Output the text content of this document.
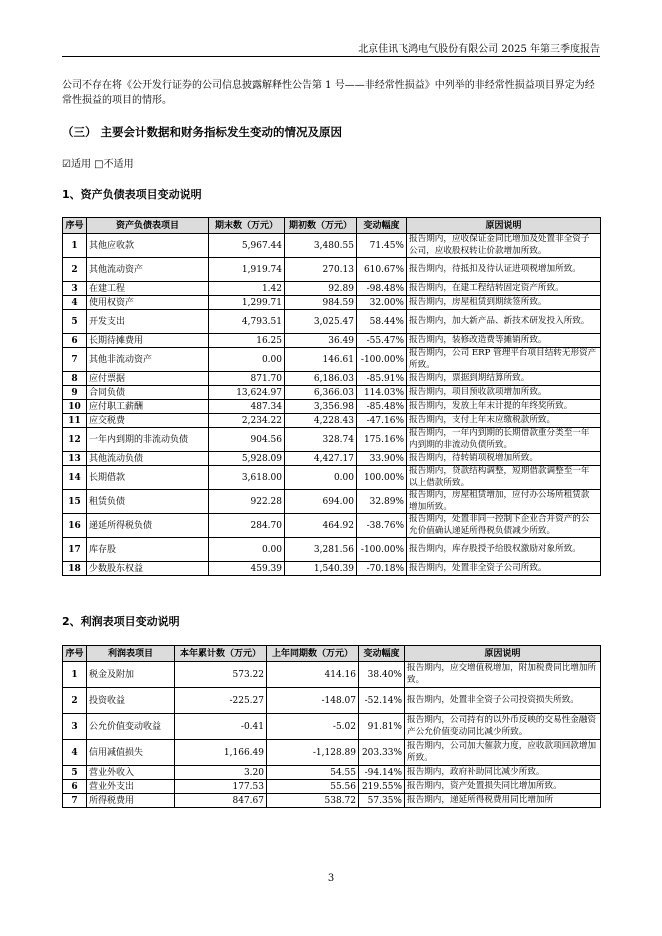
北京佳讯飞鸿电气股份有限公司 2025 年第三季度报告
公司不存在将《公开发行证券的公司信息披露解释性公告第 1 号——非经常性损益》中列举的非经常性损益项目界定为经常性损益的项目的情形。
（三） 主要会计数据和财务指标发生变动的情况及原因
☑适用 □不适用
1、资产负债表项目变动说明
序号	资产负债表项目	期末数（万元）	期初数（万元）	变动幅度	原因说明
1	其他应收款	5,967.44	3,480.55	71.45%	报告期内，应收保证金同比增加及处置非全资子公司，应收股权转让价款增加所致。
2	其他流动资产	1,919.74	270.13	610.67%	报告期内，待抵扣及待认证进项税增加所致。
3	在建工程	1.42	92.89	-98.48%	报告期内，在建工程结转固定资产所致。
4	使用权资产	1,299.71	984.59	32.00%	报告期内，房屋租赁到期续签所致。
5	开发支出	4,793.51	3,025.47	58.44%	报告期内，加大新产品、新技术研发投入所致。
6	长期待摊费用	16.25	36.49	-55.47%	报告期内，装修改造费等摊销所致。
7	其他非流动资产	0.00	146.61	-100.00%	报告期内，公司 ERP 管理平台项目结转无形资产所致。
8	应付票据	871.70	6,186.03	-85.91%	报告期内，票据到期结算所致。
9	合同负债	13,624.97	6,366.03	114.03%	报告期内，项目预收款项增加所致。
10	应付职工薪酬	487.34	3,356.98	-85.48%	报告期内，发放上年末计提的年终奖所致。
11	应交税费	2,234.22	4,228.43	-47.16%	报告期内，支付上年末应缴税款所致。
12	一年内到期的非流动负债	904.56	328.74	175.16%	报告期内，一年内到期的长期借款重分类至一年内到期的非流动负债所致。
13	其他流动负债	5,928.09	4,427.17	33.90%	报告期内，待转销项税增加所致。
14	长期借款	3,618.00	0.00	100.00%	报告期内，贷款结构调整，短期借款调整至一年以上借款所致。
15	租赁负债	922.28	694.00	32.89%	报告期内，房屋租赁增加，应付办公场所租赁款增加所致。
16	递延所得税负债	284.70	464.92	-38.76%	报告期内，处置非同一控制下企业合并资产的公允价值确认递延所得税负债减少所致。
17	库存股	0.00	3,281.56	-100.00%	报告期内，库存股授予给股权激励对象所致。
18	少数股东权益	459.39	1,540.39	-70.18%	报告期内，处置非全资子公司所致。
2、利润表项目变动说明
序号	利润表项目	本年累计数（万元）	上年同期数（万元）	变动幅度	原因说明
1	税金及附加	573.22	414.16	38.40%	报告期内，应交增值税增加，附加税费同比增加所致。
2	投资收益	-225.27	-148.07	-52.14%	报告期内，处置非全资子公司投资损失所致。
3	公允价值变动收益	-0.41	-5.02	91.81%	报告期内，公司持有的以外币反映的交易性金融资产公允价值变动同比减少所致。
4	信用减值损失	1,166.49	-1,128.89	203.33%	报告期内，公司加大催款力度，应收款项回款增加所致。
5	营业外收入	3.20	54.55	-94.14%	报告期内，政府补助同比减少所致。
6	营业外支出	177.53	55.56	219.55%	报告期内，资产处置损失同比增加所致。
7	所得税费用	847.67	538.72	57.35%	报告期内，递延所得税费用同比增加所
3
